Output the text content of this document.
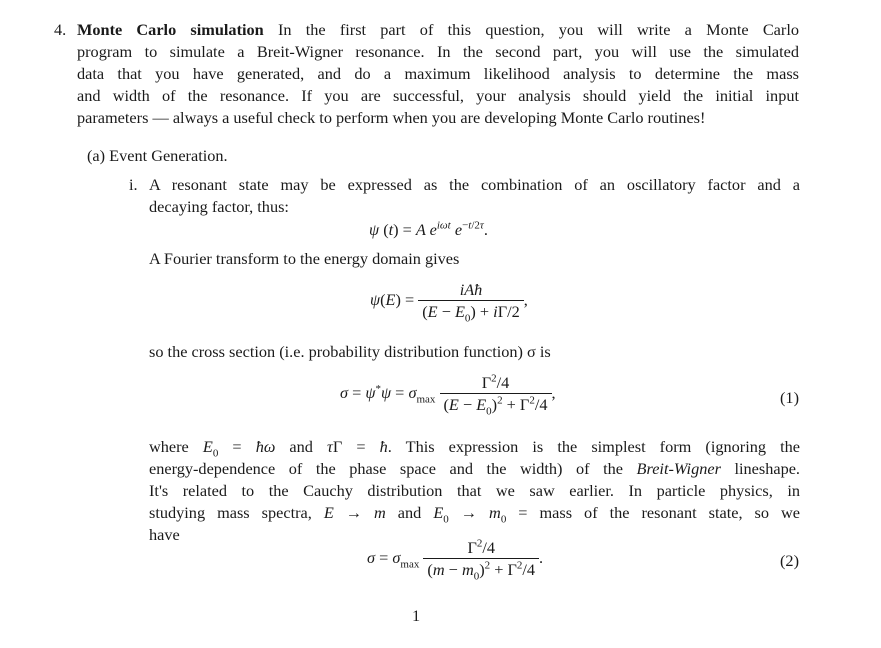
4. Monte Carlo simulation In the first part of this question, you will write a Monte Carlo
program to simulate a Breit-Wigner resonance. In the second part, you will use the simulated
data that you have generated, and do a maximum likelihood analysis to determine the mass
and width of the resonance. If you are successful, your analysis should yield the initial input
parameters — always a useful check to perform when you are developing Monte Carlo routines!
(a) Event Generation.
i. A resonant state may be expressed as the combination of an oscillatory factor and a
decaying factor, thus:
ψ (t) = A $e^{i\omega t}$ $e^{-t/2\tau}$.
A Fourier transform to the energy domain gives
$\psi(E) = \frac{\text{iAħ}}{(E - E_0) + i\Gamma/2}$ ,
so the cross section (i.e. probability distribution function) σ is
$\sigma = \psi^*\psi = \sigma_{max} \frac{\Gamma^2/4}{(E - E_0)^2 + \Gamma^2/4}$ ,	(1)
where $E_0$ = ħω and τΓ = ħ. This expression is the simplest form (ignoring the
energy-dependence of the phase space and the width) of the Breit-Wigner lineshape.
It's related to the Cauchy distribution that we saw earlier. In particle physics, in
studying mass spectra, E → m and $E_0 \to m_0$ = mass of the resonant state, so we
have
$\sigma = \sigma_{max} \frac{\Gamma^2/4}{(m - m_0)^2 + \Gamma^2/4}$ .	(2)
1
